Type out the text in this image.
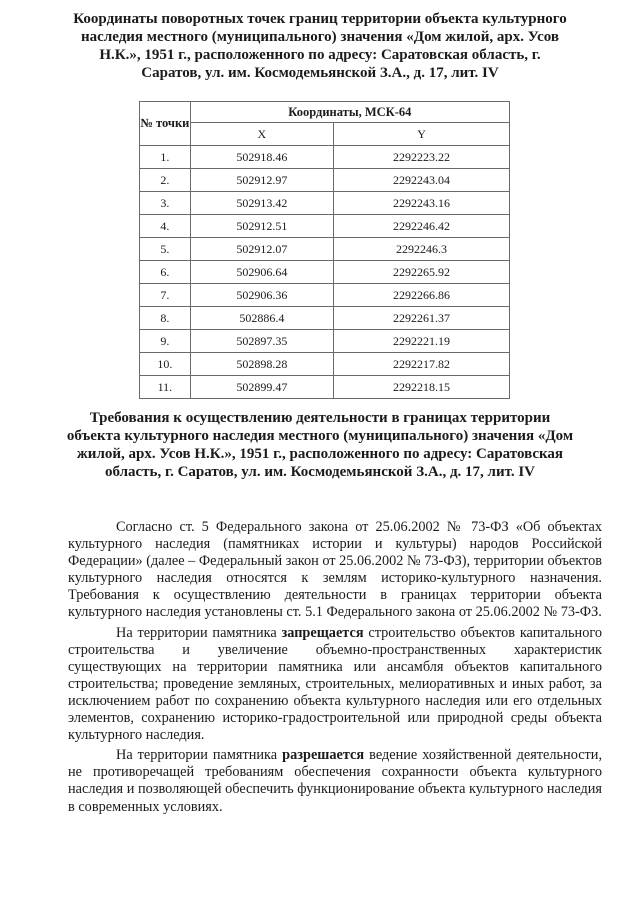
Координаты поворотных точек границ территории объекта культурного наследия местного (муниципального) значения «Дом жилой, арх. Усов Н.К.», 1951 г., расположенного по адресу: Саратовская область, г. Саратов, ул. им. Космодемьянской З.А., д. 17, лит. IV
№ точки	Координаты, МСК-64	
	X	Y
1.	502918.46	2292223.22
2.	502912.97	2292243.04
3.	502913.42	2292243.16
4.	502912.51	2292246.42
5.	502912.07	2292246.3
6.	502906.64	2292265.92
7.	502906.36	2292266.86
8.	502886.4	2292261.37
9.	502897.35	2292221.19
10.	502898.28	2292217.82
11.	502899.47	2292218.15
Требования к осуществлению деятельности в границах территории объекта культурного наследия местного (муниципального) значения «Дом жилой, арх. Усов Н.К.», 1951 г., расположенного по адресу: Саратовская область, г. Саратов, ул. им. Космодемьянской З.А., д. 17, лит. IV

Согласно ст. 5 Федерального закона от 25.06.2002 № 73-ФЗ «Об объектах культурного наследия (памятниках истории и культуры) народов Российской Федерации» (далее – Федеральный закон от 25.06.2002 № 73-ФЗ), территории объектов культурного наследия относятся к землям историко-культурного назначения. Требования к осуществлению деятельности в границах территории объекта культурного наследия установлены ст. 5.1 Федерального закона от 25.06.2002 № 73-ФЗ.

На территории памятника запрещается строительство объектов капитального строительства и увеличение объемно-пространственных характеристик существующих на территории памятника или ансамбля объектов капитального строительства; проведение земляных, строительных, мелиоративных и иных работ, за исключением работ по сохранению объекта культурного наследия или его отдельных элементов, сохранению историко-градостроительной или природной среды объекта культурного наследия.

На территории памятника разрешается ведение хозяйственной деятельности, не противоречащей требованиям обеспечения сохранности объекта культурного наследия и позволяющей обеспечить функционирование объекта культурного наследия в современных условиях.
